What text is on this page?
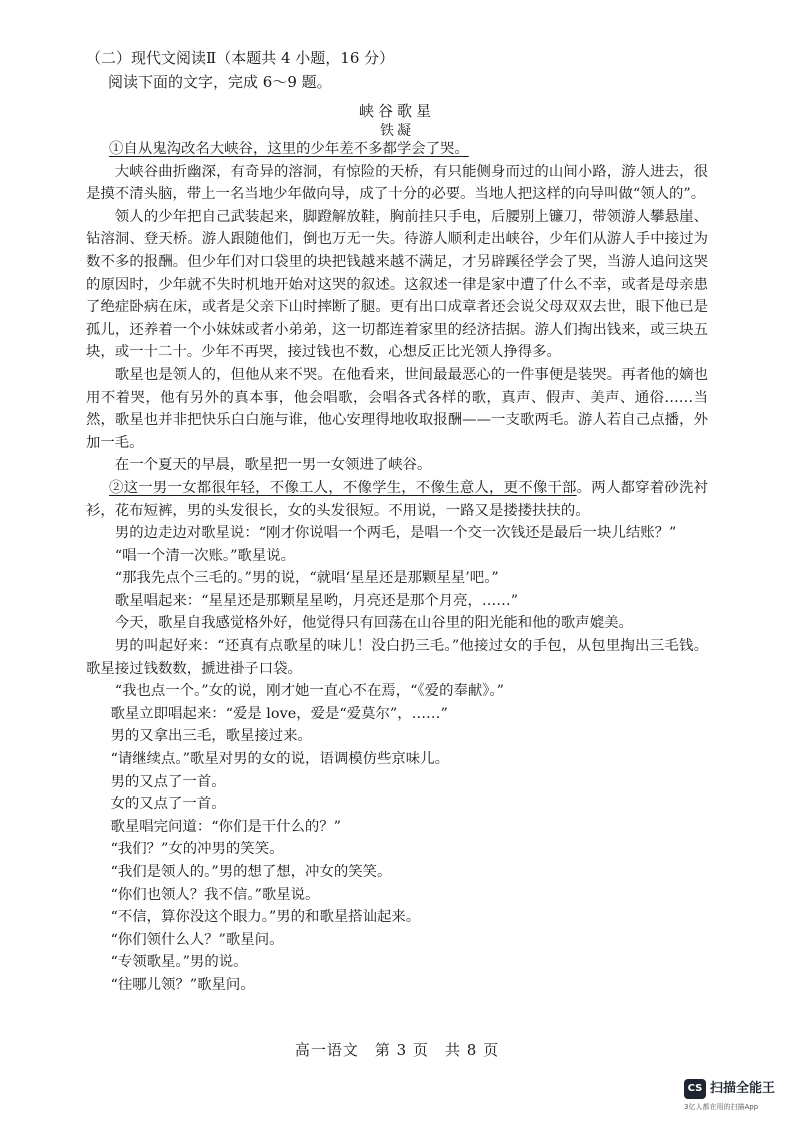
（二）现代文阅读Ⅱ（本题共 4 小题，16 分）
阅读下面的文字，完成 6～9 题。
峡谷歌星
铁凝

①自从鬼沟改名大峡谷，这里的少年差不多都学会了哭。

大峡谷曲折幽深，有奇异的溶洞，有惊险的天桥，有只能侧身而过的山间小路，游人进去，很是摸不清头脑，带上一名当地少年做向导，成了十分的必要。当地人把这样的向导叫做“领人的”。

领人的少年把自己武装起来，脚蹬解放鞋，胸前挂只手电，后腰别上镰刀，带领游人攀悬崖、钻溶洞、登天桥。游人跟随他们，倒也万无一失。待游人顺利走出峡谷，少年们从游人手中接过为数不多的报酬。但少年们对口袋里的块把钱越来越不满足，才另辟蹊径学会了哭，当游人追问这哭的原因时，少年就不失时机地开始对这哭的叙述。这叙述一律是家中遭了什么不幸，或者是母亲患了绝症卧病在床，或者是父亲下山时摔断了腿。更有出口成章者还会说父母双双去世，眼下他已是孤儿，还养着一个小妹妹或者小弟弟，这一切都连着家里的经济拮据。游人们掏出钱来，或三块五块，或一十二十。少年不再哭，接过钱也不数，心想反正比光领人挣得多。

歌星也是领人的，但他从来不哭。在他看来，世间最最恶心的一件事便是装哭。再者他的嫡也用不着哭，他有另外的真本事，他会唱歌，会唱各式各样的歌，真声、假声、美声、通俗……当然，歌星也并非把快乐白白施与谁，他心安理得地收取报酬——一支歌两毛。游人若自己点播，外加一毛。

在一个夏天的早晨，歌星把一男一女领进了峡谷。

②这一男一女都很年轻，不像工人，不像学生，不像生意人，更不像干部。两人都穿着砂洗衬衫，花布短裤，男的头发很长，女的头发很短。不用说，一路又是搂搂扶扶的。

男的边走边对歌星说：“刚才你说唱一个两毛，是唱一个交一次钱还是最后一块儿结账？”

“唱一个清一次账。”歌星说。

“那我先点个三毛的。”男的说，“就唱‘星星还是那颗星星’吧。”

歌星唱起来：“星星还是那颗星星哟，月亮还是那个月亮，……”

今天，歌星自我感觉格外好，他觉得只有回荡在山谷里的阳光能和他的歌声媲美。

男的叫起好来：“还真有点歌星的味儿！没白扔三毛。”他接过女的手包，从包里掏出三毛钱。歌星接过钱数数，搋进褂子口袋。

“我也点一个。”女的说，刚才她一直心不在焉，“《爱的奉献》。”

歌星立即唱起来：“爱是 love，爱是“爱莫尔”，……”

男的又拿出三毛，歌星接过来。

“请继续点。”歌星对男的女的说，语调模仿些京味儿。

男的又点了一首。

女的又点了一首。

歌星唱完问道：“你们是干什么的？”

“我们？”女的冲男的笑笑。

“我们是领人的。”男的想了想，冲女的笑笑。

“你们也领人？我不信。”歌星说。

“不信，算你没这个眼力。”男的和歌星搭讪起来。

“你们领什么人？”歌星问。

“专领歌星。”男的说。

“往哪儿领？”歌星问。

高一语文　第 3 页　共 8 页
CS 扫描全能王
3亿人都在用的扫描App
